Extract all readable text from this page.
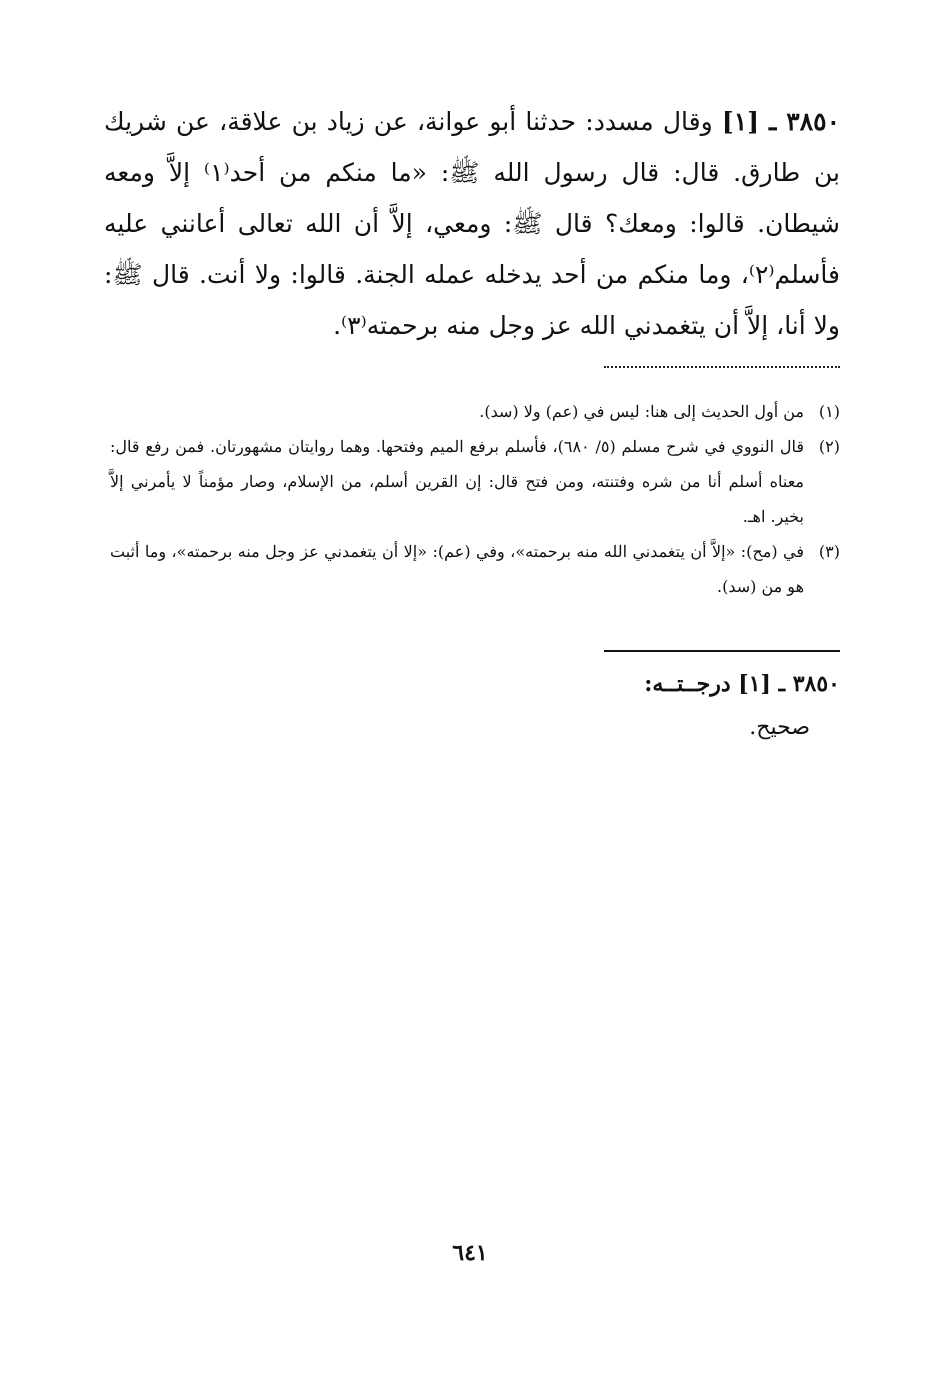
٣٨٥٠ ـ [١] وقال مسدد: حدثنا أبو عوانة، عن زياد بن علاقة، عن شريك بن طارق. قال: قال رسول الله ﷺ: «ما منكم من أحد⁽١⁾ إلاَّ ومعه شيطان. قالوا: ومعك؟ قال ﷺ: ومعي، إلاَّ أن الله تعالى أعانني عليه فأسلم⁽٢⁾، وما منكم من أحد يدخله عمله الجنة. قالوا: ولا أنت. قال ﷺ: ولا أنا، إلاَّ أن يتغمدني الله عز وجل منه برحمته⁽٣⁾.
(١)
من أول الحديث إلى هنا: ليس في (عم) ولا (سد).
(٢)
قال النووي في شرح مسلم (٥/ ٦٨٠)، فأسلم برفع الميم وفتحها. وهما روايتان مشهورتان. فمن رفع قال: معناه أسلم أنا من شره وفتنته، ومن فتح قال: إن القرين أسلم، من الإسلام، وصار مؤمناً لا يأمرني إلاَّ بخير. اهـ.
(٣)
في (مح): «إلاَّ أن يتغمدني الله منه برحمته»، وفي (عم): «إلا أن يتغمدني عز وجل منه برحمته»، وما أثبت هو من (سد).
٣٨٥٠ ـ [١] درجــتــه:
صحيح.
٦٤١
